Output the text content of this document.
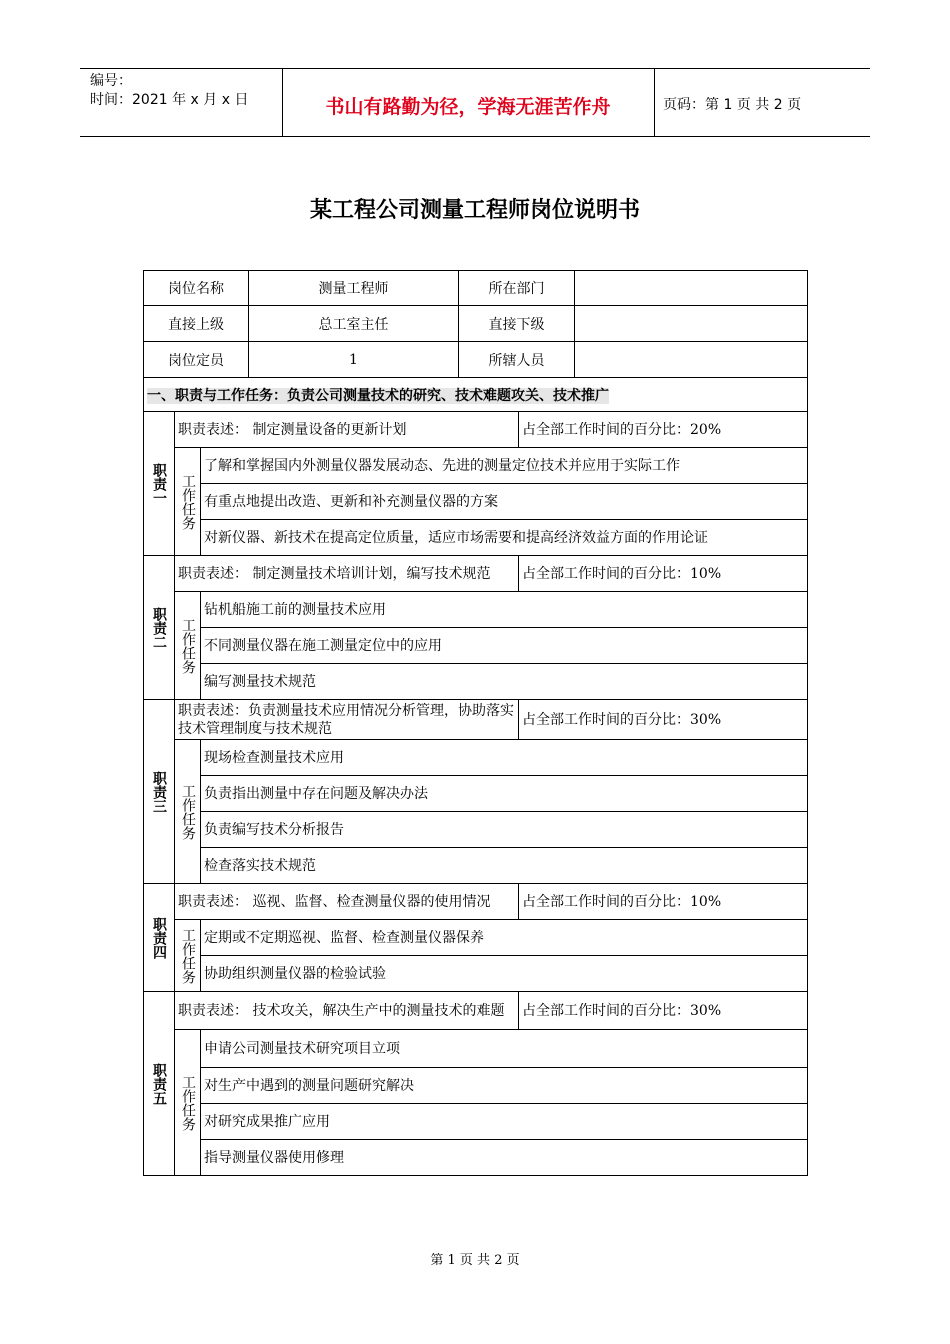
编号：
时间：2021 年 x 月 x 日	书山有路勤为径，学海无涯苦作舟	页码：第 1 页 共 2 页
某工程公司测量工程师岗位说明书
岗位名称			测量工程师	所在部门		
直接上级			总工室主任	直接下级		
岗位定员			1	所辖人员		
一、职责与工作任务：负责公司测量技术的研究、技术难题攻关、技术推广						
职责一	职责表述： 制定测量设备的更新计划				占全部工作时间的百分比：20%	
	工作任务	了解和掌握国内外测量仪器发展动态、先进的测量定位技术并应用于实际工作				
		有重点地提出改造、更新和补充测量仪器的方案				
		对新仪器、新技术在提高定位质量，适应市场需要和提高经济效益方面的作用论证				
职责二	职责表述： 制定测量技术培训计划，编写技术规范				占全部工作时间的百分比：10%	
	工作任务	钻机船施工前的测量技术应用				
		不同测量仪器在施工测量定位中的应用				
		编写测量技术规范				
职责三	职责表述：负责测量技术应用情况分析管理，协助落实技术管理制度与技术规范				占全部工作时间的百分比：30%	
	工作任务	现场检查测量技术应用				
		负责指出测量中存在问题及解决办法				
		负责编写技术分析报告				
		检查落实技术规范				
职责四	职责表述： 巡视、监督、检查测量仪器的使用情况				占全部工作时间的百分比：10%	
	工作任务	定期或不定期巡视、监督、检查测量仪器保养				
		协助组织测量仪器的检验试验				
职责五	职责表述： 技术攻关，解决生产中的测量技术的难题				占全部工作时间的百分比：30%	
	工作任务	申请公司测量技术研究项目立项				
		对生产中遇到的测量问题研究解决				
		对研究成果推广应用				
		指导测量仪器使用修理				
第 1 页 共 2 页
